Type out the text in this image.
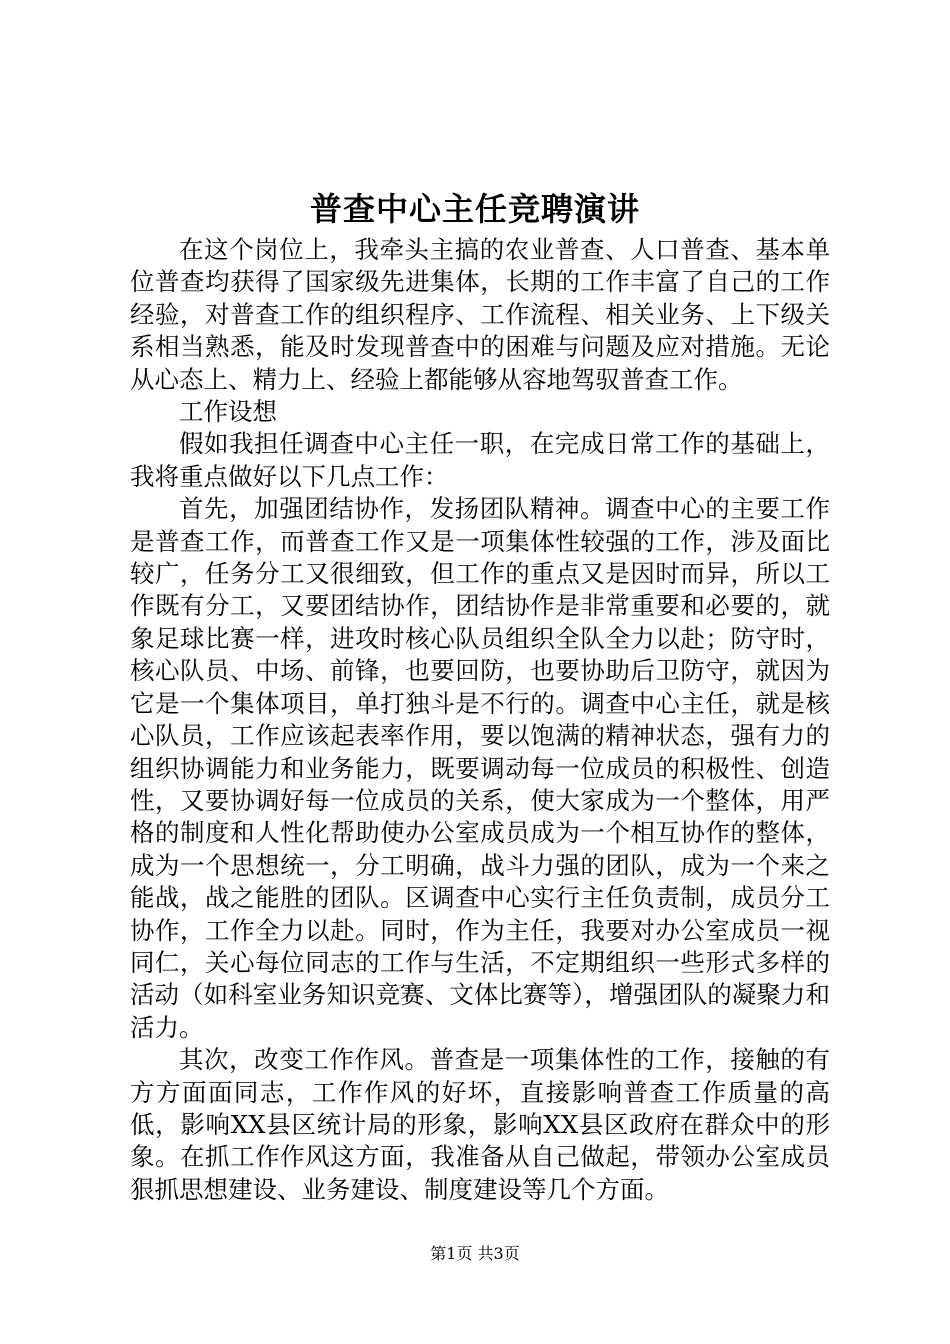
普查中心主任竞聘演讲

在这个岗位上，我牵头主搞的农业普查、人口普查、基本单位普查均获得了国家级先进集体，长期的工作丰富了自己的工作经验，对普查工作的组织程序、工作流程、相关业务、上下级关系相当熟悉，能及时发现普查中的困难与问题及应对措施。无论从心态上、精力上、经验上都能够从容地驾驭普查工作。

工作设想

假如我担任调查中心主任一职，在完成日常工作的基础上，我将重点做好以下几点工作：

首先，加强团结协作，发扬团队精神。调查中心的主要工作是普查工作，而普查工作又是一项集体性较强的工作，涉及面比较广，任务分工又很细致，但工作的重点又是因时而异，所以工作既有分工，又要团结协作，团结协作是非常重要和必要的，就象足球比赛一样，进攻时核心队员组织全队全力以赴；防守时，核心队员、中场、前锋，也要回防，也要协助后卫防守，就因为它是一个集体项目，单打独斗是不行的。调查中心主任，就是核心队员，工作应该起表率作用，要以饱满的精神状态，强有力的组织协调能力和业务能力，既要调动每一位成员的积极性、创造性，又要协调好每一位成员的关系，使大家成为一个整体，用严格的制度和人性化帮助使办公室成员成为一个相互协作的整体，成为一个思想统一，分工明确，战斗力强的团队，成为一个来之能战，战之能胜的团队。区调查中心实行主任负责制，成员分工协作，工作全力以赴。同时，作为主任，我要对办公室成员一视同仁，关心每位同志的工作与生活，不定期组织一些形式多样的活动（如科室业务知识竞赛、文体比赛等），增强团队的凝聚力和活力。

其次，改变工作作风。普查是一项集体性的工作，接触的有方方面面同志，工作作风的好坏，直接影响普查工作质量的高低，影响XX县区统计局的形象，影响XX县区政府在群众中的形象。在抓工作作风这方面，我准备从自己做起，带领办公室成员狠抓思想建设、业务建设、制度建设等几个方面。

第1页 共3页
